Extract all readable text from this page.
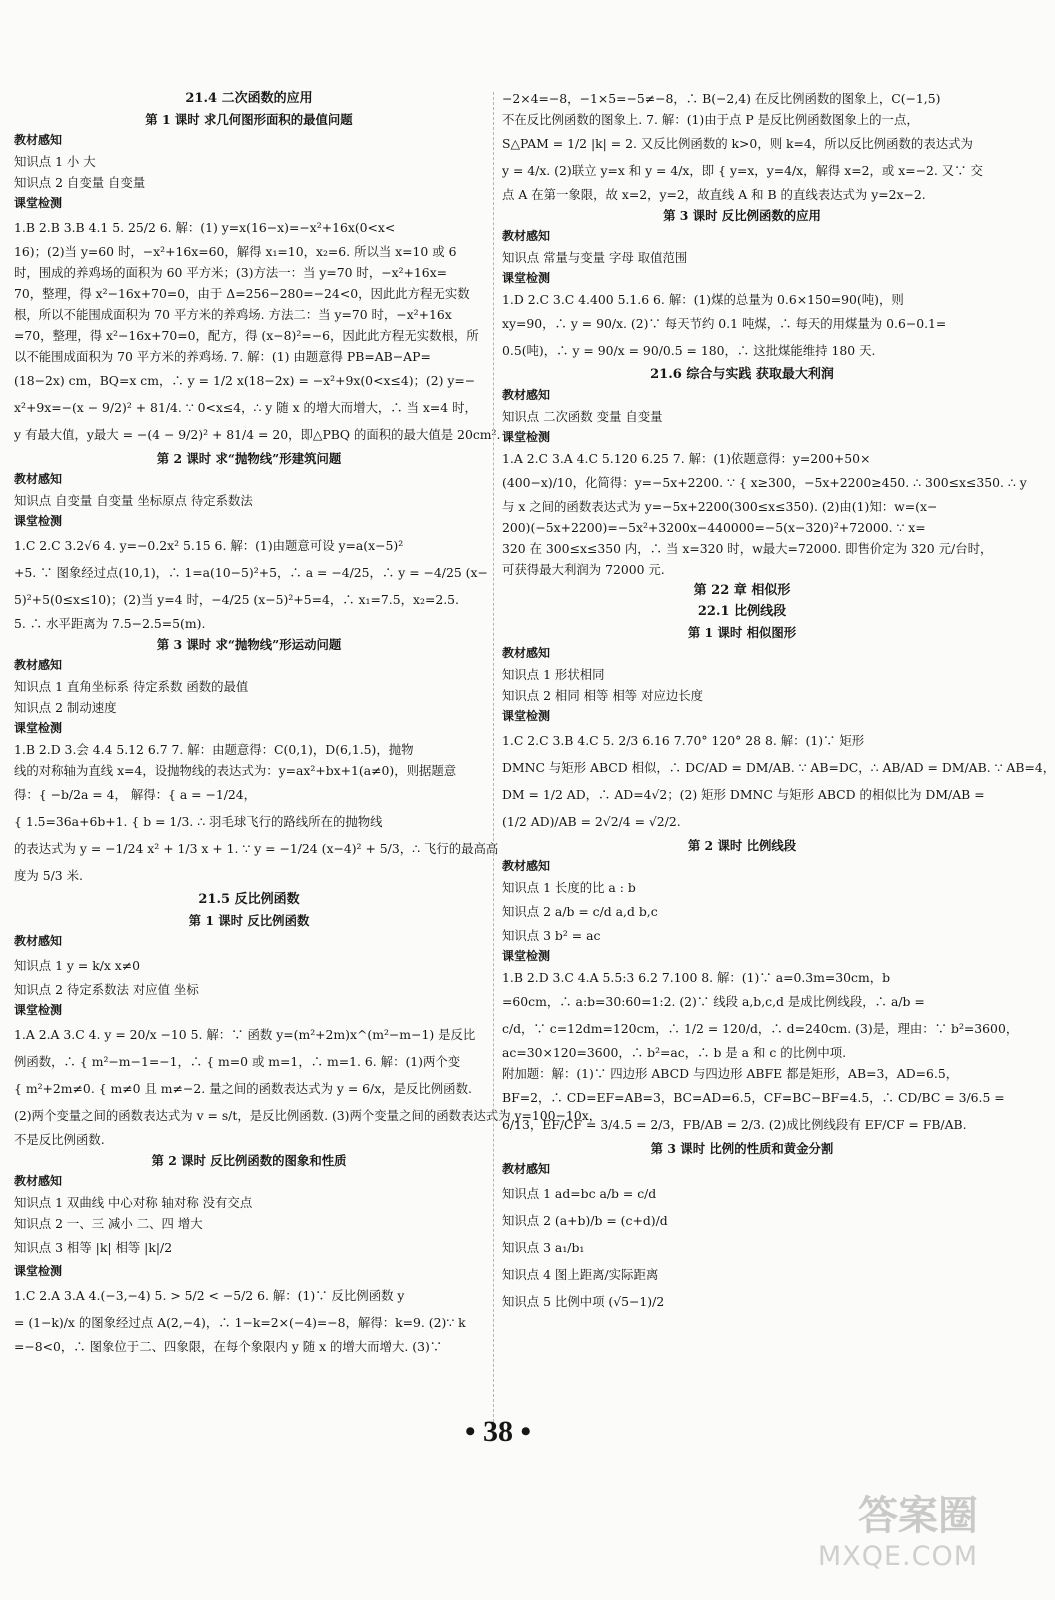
21.4 二次函数的应用
第 1 课时 求几何图形面积的最值问题
教材感知
知识点 1 小 大
知识点 2 自变量 自变量
课堂检测
1.B 2.B 3.B 4.1 5. 25/2 6. 解：(1) y=x(16−x)=−x²+16x(0<x<
16)；(2)当 y=60 时，−x²+16x=60，解得 x₁=10，x₂=6. 所以当 x=10 或 6
时，围成的养鸡场的面积为 60 平方米；(3)方法一：当 y=70 时，−x²+16x=
70，整理，得 x²−16x+70=0，由于 Δ=256−280=−24<0，因此此方程无实数
根，所以不能围成面积为 70 平方米的养鸡场. 方法二：当 y=70 时，−x²+16x
=70，整理，得 x²−16x+70=0，配方，得 (x−8)²=−6，因此此方程无实数根，所
以不能围成面积为 70 平方米的养鸡场. 7. 解：(1) 由题意得 PB=AB−AP=
(18−2x) cm，BQ=x cm，∴ y = 1/2 x(18−2x) = −x²+9x(0<x≤4)；(2) y=−
x²+9x=−(x − 9/2)² + 81/4. ∵ 0<x≤4，∴ y 随 x 的增大而增大，∴ 当 x=4 时，
y 有最大值，y最大 = −(4 − 9/2)² + 81/4 = 20，即△PBQ 的面积的最大值是 20cm².
第 2 课时 求“抛物线”形建筑问题
教材感知
知识点 自变量 自变量 坐标原点 待定系数法
课堂检测
1.C 2.C 3.2√6 4. y=−0.2x² 5.15 6. 解：(1)由题意可设 y=a(x−5)²
+5. ∵ 图象经过点(10,1)，∴ 1=a(10−5)²+5，∴ a = −4/25，∴ y = −4/25 (x−
5)²+5(0≤x≤10)；(2)当 y=4 时，−4/25 (x−5)²+5=4，∴ x₁=7.5，x₂=2.5.
5. ∴ 水平距离为 7.5−2.5=5(m).
第 3 课时 求“抛物线”形运动问题
教材感知
知识点 1 直角坐标系 待定系数 函数的最值
知识点 2 制动速度
课堂检测
1.B 2.D 3.会 4.4 5.12 6.7 7. 解：由题意得：C(0,1)，D(6,1.5)，抛物
线的对称轴为直线 x=4，设抛物线的表达式为：y=ax²+bx+1(a≠0)，则据题意
得：{ −b/2a = 4， 解得：{ a = −1/24，
{ 1.5=36a+6b+1. { b = 1/3. ∴ 羽毛球飞行的路线所在的抛物线
的表达式为 y = −1/24 x² + 1/3 x + 1. ∵ y = −1/24 (x−4)² + 5/3，∴ 飞行的最高高
度为 5/3 米.
21.5 反比例函数
第 1 课时 反比例函数
教材感知
知识点 1 y = k/x x≠0
知识点 2 待定系数法 对应值 坐标
课堂检测
1.A 2.A 3.C 4. y = 20/x −10 5. 解：∵ 函数 y=(m²+2m)x^(m²−m−1) 是反比
例函数，∴ { m²−m−1=−1，∴ { m=0 或 m=1，∴ m=1. 6. 解：(1)两个变
{ m²+2m≠0. { m≠0 且 m≠−2. 量之间的函数表达式为 y = 6/x，是反比例函数.
(2)两个变量之间的函数表达式为 v = s/t，是反比例函数. (3)两个变量之间的函数表达式为 y=100−10x，
不是反比例函数.
第 2 课时 反比例函数的图象和性质
教材感知
知识点 1 双曲线 中心对称 轴对称 没有交点
知识点 2 一、三 减小 二、四 增大
知识点 3 相等 |k| 相等 |k|/2
课堂检测
1.C 2.A 3.A 4.(−3,−4) 5. > 5/2 < −5/2 6. 解：(1)∵ 反比例函数 y
= (1−k)/x 的图象经过点 A(2,−4)，∴ 1−k=2×(−4)=−8，解得：k=9. (2)∵ k
=−8<0，∴ 图象位于二、四象限，在每个象限内 y 随 x 的增大而增大. (3)∵
−2×4=−8，−1×5=−5≠−8，∴ B(−2,4) 在反比例函数的图象上，C(−1,5)
不在反比例函数的图象上. 7. 解：(1)由于点 P 是反比例函数图象上的一点，
S△PAM = 1/2 |k| = 2. 又反比例函数的 k>0，则 k=4，所以反比例函数的表达式为
y = 4/x. (2)联立 y=x 和 y = 4/x，即 { y=x，y=4/x，解得 x=2，或 x=−2. 又∵ 交
点 A 在第一象限，故 x=2，y=2，故直线 A 和 B 的直线表达式为 y=2x−2.
第 3 课时 反比例函数的应用
教材感知
知识点 常量与变量 字母 取值范围
课堂检测
1.D 2.C 3.C 4.400 5.1.6 6. 解：(1)煤的总量为 0.6×150=90(吨)，则
xy=90，∴ y = 90/x. (2)∵ 每天节约 0.1 吨煤，∴ 每天的用煤量为 0.6−0.1=
0.5(吨)，∴ y = 90/x = 90/0.5 = 180，∴ 这批煤能维持 180 天.
21.6 综合与实践 获取最大利润
教材感知
知识点 二次函数 变量 自变量
课堂检测
1.A 2.C 3.A 4.C 5.120 6.25 7. 解：(1)依题意得：y=200+50×
(400−x)/10，化简得：y=−5x+2200. ∵ { x≥300，−5x+2200≥450. ∴ 300≤x≤350. ∴ y
与 x 之间的函数表达式为 y=−5x+2200(300≤x≤350). (2)由(1)知：w=(x−
200)(−5x+2200)=−5x²+3200x−440000=−5(x−320)²+72000. ∵ x=
320 在 300≤x≤350 内，∴ 当 x=320 时，w最大=72000. 即售价定为 320 元/台时，
可获得最大利润为 72000 元.
第 22 章 相似形
22.1 比例线段
第 1 课时 相似图形
教材感知
知识点 1 形状相同
知识点 2 相同 相等 相等 对应边长度
课堂检测
1.C 2.C 3.B 4.C 5. 2/3 6.16 7.70° 120° 28 8. 解：(1)∵ 矩形
DMNC 与矩形 ABCD 相似，∴ DC/AD = DM/AB. ∵ AB=DC，∴ AB/AD = DM/AB. ∵ AB=4，
DM = 1/2 AD，∴ AD=4√2；(2) 矩形 DMNC 与矩形 ABCD 的相似比为 DM/AB =
(1/2 AD)/AB = 2√2/4 = √2/2.
第 2 课时 比例线段
教材感知
知识点 1 长度的比 a : b
知识点 2 a/b = c/d a,d b,c
知识点 3 b² = ac
课堂检测
1.B 2.D 3.C 4.A 5.5:3 6.2 7.100 8. 解：(1)∵ a=0.3m=30cm，b
=60cm，∴ a:b=30:60=1:2. (2)∵ 线段 a,b,c,d 是成比例线段，∴ a/b =
c/d，∵ c=12dm=120cm，∴ 1/2 = 120/d，∴ d=240cm. (3)是，理由：∵ b²=3600，
ac=30×120=3600，∴ b²=ac，∴ b 是 a 和 c 的比例中项.
附加题：解：(1)∵ 四边形 ABCD 与四边形 ABFE 都是矩形，AB=3，AD=6.5，
BF=2，∴ CD=EF=AB=3，BC=AD=6.5，CF=BC−BF=4.5，∴ CD/BC = 3/6.5 =
6/13，EF/CF = 3/4.5 = 2/3，FB/AB = 2/3. (2)成比例线段有 EF/CF = FB/AB.
第 3 课时 比例的性质和黄金分割
教材感知
知识点 1 ad=bc a/b = c/d
知识点 2 (a+b)/b = (c+d)/d
知识点 3 a₁/b₁
知识点 4 图上距离/实际距离
知识点 5 比例中项 (√5−1)/2
• 38 •
答案圈
MXQE.COM
